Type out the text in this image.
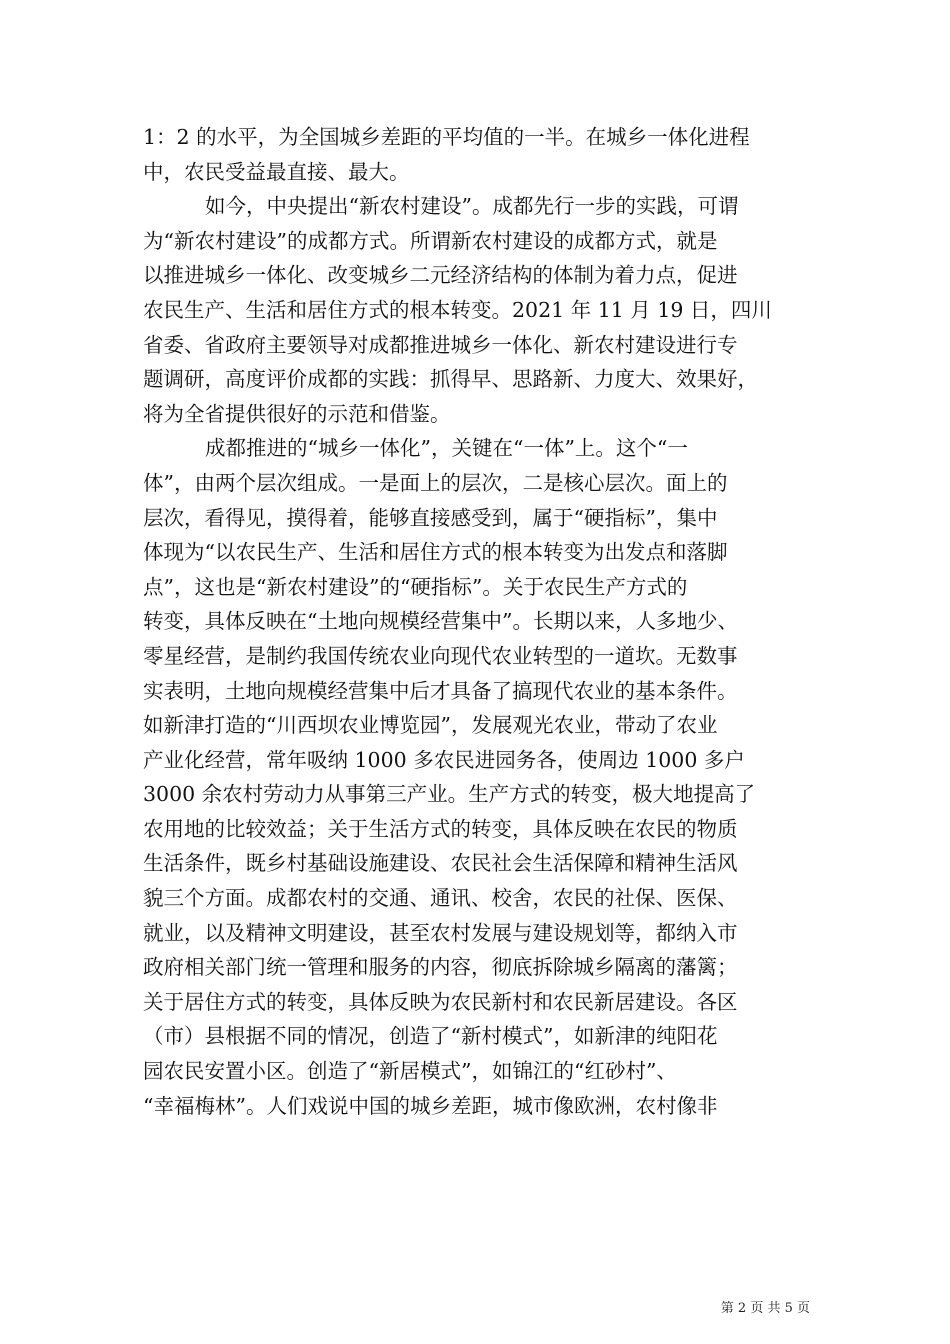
1：2 的水平，为全国城乡差距的平均值的一半。在城乡一体化进程
中，农民受益最直接、最大。
如今，中央提出“新农村建设”。成都先行一步的实践，可谓
为“新农村建设”的成都方式。所谓新农村建设的成都方式，就是
以推进城乡一体化、改变城乡二元经济结构的体制为着力点，促进
农民生产、生活和居住方式的根本转变。2021 年 11 月 19 日，四川
省委、省政府主要领导对成都推进城乡一体化、新农村建设进行专
题调研，高度评价成都的实践：抓得早、思路新、力度大、效果好，
将为全省提供很好的示范和借鉴。
成都推进的“城乡一体化”，关键在“一体”上。这个“一
体”，由两个层次组成。一是面上的层次，二是核心层次。面上的
层次，看得见，摸得着，能够直接感受到，属于“硬指标”，集中
体现为“以农民生产、生活和居住方式的根本转变为出发点和落脚
点”，这也是“新农村建设”的“硬指标”。关于农民生产方式的
转变，具体反映在“土地向规模经营集中”。长期以来，人多地少、
零星经营，是制约我国传统农业向现代农业转型的一道坎。无数事
实表明，土地向规模经营集中后才具备了搞现代农业的基本条件。
如新津打造的“川西坝农业博览园”，发展观光农业，带动了农业
产业化经营，常年吸纳 1000 多农民进园务各，使周边 1000 多户
3000 余农村劳动力从事第三产业。生产方式的转变，极大地提高了
农用地的比较效益；关于生活方式的转变，具体反映在农民的物质
生活条件，既乡村基础设施建设、农民社会生活保障和精神生活风
貌三个方面。成都农村的交通、通讯、校舍，农民的社保、医保、
就业，以及精神文明建设，甚至农村发展与建设规划等，都纳入市
政府相关部门统一管理和服务的内容，彻底拆除城乡隔离的藩篱；
关于居住方式的转变，具体反映为农民新村和农民新居建设。各区
（市）县根据不同的情况，创造了“新村模式”，如新津的纯阳花
园农民安置小区。创造了“新居模式”，如锦江的“红砂村”、
“幸福梅林”。人们戏说中国的城乡差距，城市像欧洲，农村像非
第 2 页 共 5 页
